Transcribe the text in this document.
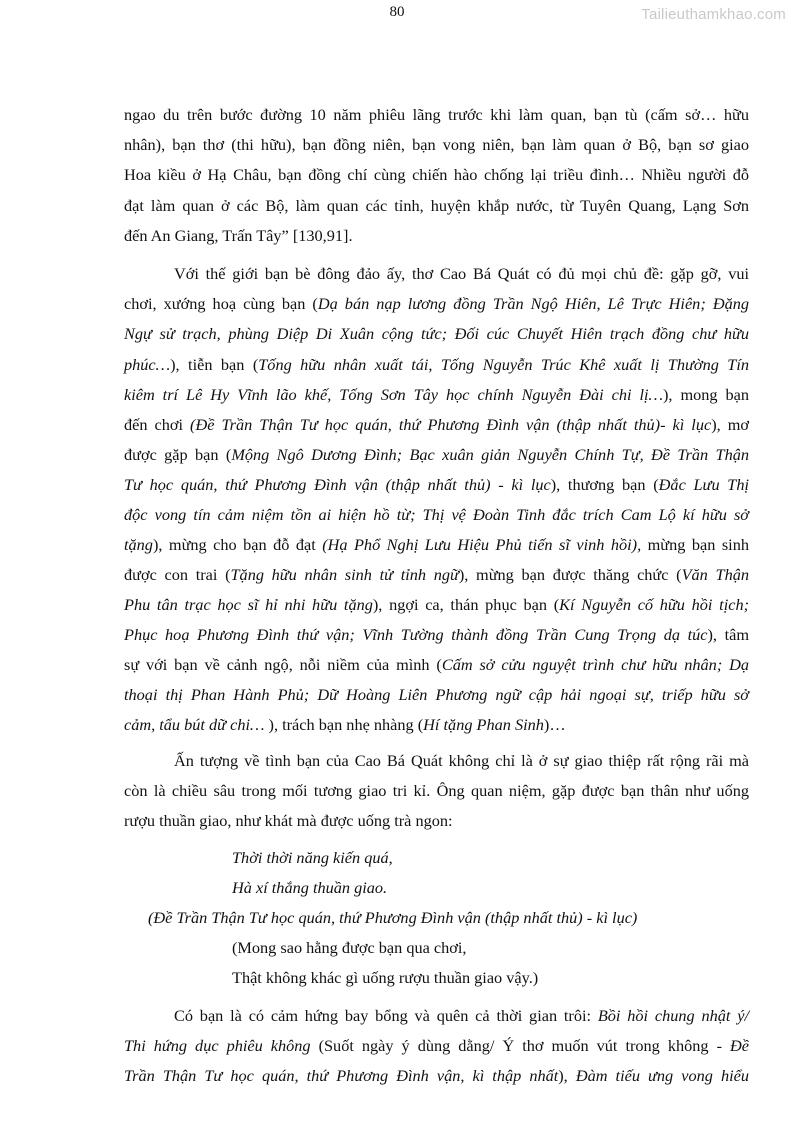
80	Tailieuthamkhao.com
ngao du trên bước đường 10 năm phiêu lãng trước khi làm quan, bạn tù (cấm sở… hữu
nhân), bạn thơ (thi hữu), bạn đồng niên, bạn vong niên, bạn làm quan ở Bộ, bạn sơ giao
Hoa kiều ở Hạ Châu, bạn đồng chí cùng chiến hào chống lại triều đình… Nhiều người đỗ
đạt làm quan ở các Bộ, làm quan các tỉnh, huyện khắp nước, từ Tuyên Quang, Lạng Sơn
đến An Giang, Trấn Tây” [130,91].
Với thế giới bạn bè đông đảo ấy, thơ Cao Bá Quát có đủ mọi chủ đề: gặp gỡ, vui
chơi, xướng hoạ cùng bạn (Dạ bán nạp lương đồng Trần Ngộ Hiên, Lê Trực Hiên; Đặng
Ngự sử trạch, phùng Diệp Di Xuân cộng tức; Đối cúc Chuyết Hiên trạch đồng chư hữu
phúc…), tiễn bạn (Tống hữu nhân xuất tái, Tống Nguyễn Trúc Khê xuất lị Thường Tín
kiêm trí Lê Hy Vĩnh lão khế, Tống Sơn Tây học chính Nguyễn Đài chi lị…), mong bạn
đến chơi (Đề Trần Thận Tư học quán, thứ Phương Đình vận (thập nhất thủ)- kì lục), mơ
được gặp bạn (Mộng Ngô Dương Đình; Bạc xuân giản Nguyễn Chính Tự, Đề Trần Thận
Tư học quán, thứ Phương Đình vận (thập nhất thủ) - kì lục), thương bạn (Đắc Lưu Thị
độc vong tín cảm niệm tồn ai hiện hồ từ; Thị vệ Đoàn Tinh đắc trích Cam Lộ kí hữu sở
tặng), mừng cho bạn đỗ đạt (Hạ Phổ Nghị Lưu Hiệu Phủ tiến sĩ vinh hồi), mừng bạn sinh
được con trai (Tặng hữu nhân sinh tử tỉnh ngữ), mừng bạn được thăng chức (Văn Thận
Phu tân trạc học sĩ hỉ nhi hữu tặng), ngợi ca, thán phục bạn (Kí Nguyễn cố hữu hồi tịch;
Phục hoạ Phương Đình thứ vận; Vĩnh Tường thành đồng Trần Cung Trọng dạ túc), tâm
sự với bạn về cảnh ngộ, nỗi niềm của mình (Cấm sở cửu nguyệt trình chư hữu nhân; Dạ
thoại thị Phan Hành Phủ; Dữ Hoàng Liên Phương ngữ cập hải ngoại sự, triếp hữu sở
cảm, tẩu bút dữ chi… ), trách bạn nhẹ nhàng (Hí tặng Phan Sinh)…
Ấn tượng về tình bạn của Cao Bá Quát không chỉ là ở sự giao thiệp rất rộng rãi mà
còn là chiều sâu trong mối tương giao tri kỉ. Ông quan niệm, gặp được bạn thân như uống
rượu thuần giao, như khát mà được uống trà ngon:
Thời thời năng kiến quá,
Hà xí thắng thuần giao.
(Đề Trần Thận Tư học quán, thứ Phương Đình vận (thập nhất thủ) - kì lục)
(Mong sao hằng được bạn qua chơi,
Thật không khác gì uống rượu thuần giao vậy.)
Có bạn là có cảm hứng bay bổng và quên cả thời gian trôi: Bồi hồi chung nhật ý/
Thi hứng dục phiêu không (Suốt ngày ý dùng dằng/ Ý thơ muốn vút trong không - Đề
Trần Thận Tư học quán, thứ Phương Đình vận, kì thập nhất), Đàm tiếu ưng vong hiểu
